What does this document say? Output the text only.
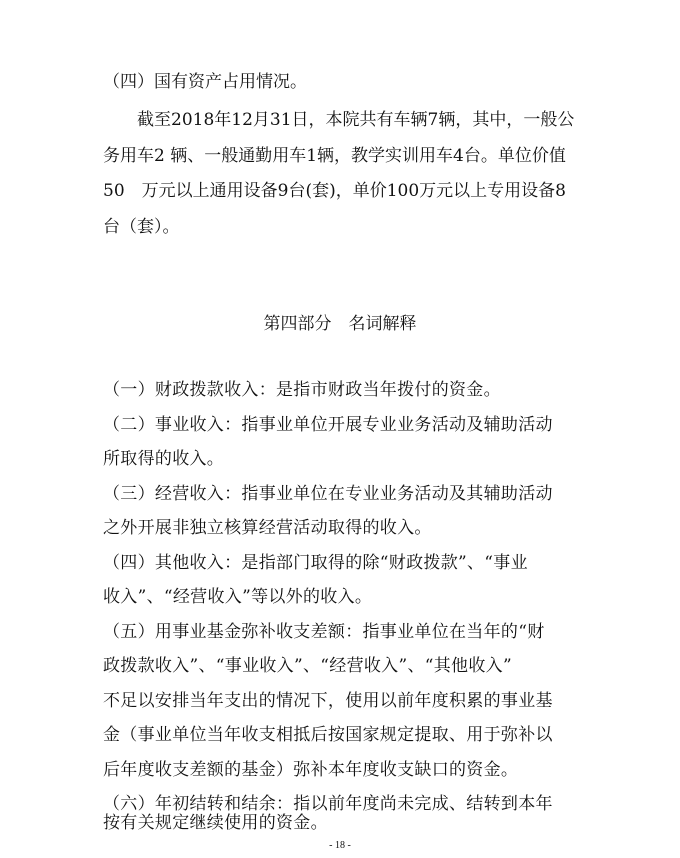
（四）国有资产占用情况。
截至2018年12月31日，本院共有车辆7辆，其中，一般公
务用车2 辆、一般通勤用车1辆，教学实训用车4台。单位价值
50　万元以上通用设备9台(套)，单价100万元以上专用设备8
台（套）。
第四部分　名词解释
（一）财政拨款收入：是指市财政当年拨付的资金。
（二）事业收入：指事业单位开展专业业务活动及辅助活动
所取得的收入。
（三）经营收入：指事业单位在专业业务活动及其辅助活动
之外开展非独立核算经营活动取得的收入。
（四）其他收入：是指部门取得的除“财政拨款”、“事业
收入”、“经营收入”等以外的收入。
（五）用事业基金弥补收支差额：指事业单位在当年的“财
政拨款收入”、“事业收入”、“经营收入”、“其他收入”
不足以安排当年支出的情况下，使用以前年度积累的事业基
金（事业单位当年收支相抵后按国家规定提取、用于弥补以
后年度收支差额的基金）弥补本年度收支缺口的资金。
（六）年初结转和结余：指以前年度尚未完成、结转到本年
按有关规定继续使用的资金。
- 18 -
